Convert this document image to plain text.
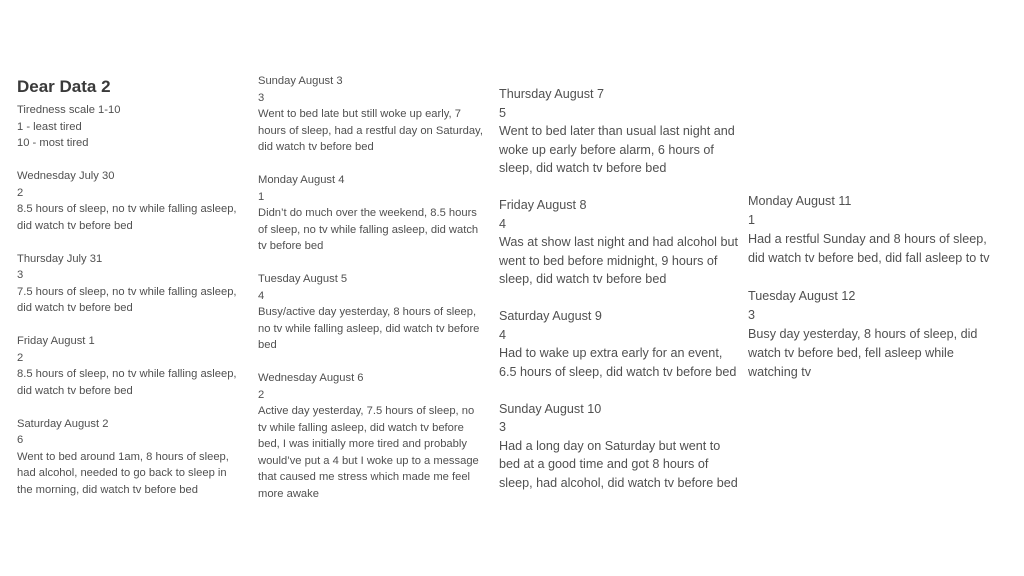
Dear Data 2
Tiredness scale 1-10
1 - least tired
10 - most tired
Wednesday July 30
2
8.5 hours of sleep, no tv while falling asleep, did watch tv before bed
Thursday July 31
3
7.5 hours of sleep, no tv while falling asleep, did watch tv before bed
Friday August 1
2
8.5 hours of sleep, no tv while falling asleep, did watch tv before bed
Saturday August 2
6
Went to bed around 1am, 8 hours of sleep, had alcohol, needed to go back to sleep in the morning, did watch tv before bed
Sunday August 3
3
Went to bed late but still woke up early, 7 hours of sleep, had a restful day on Saturday, did watch tv before bed
Monday August 4
1
Didn’t do much over the weekend, 8.5 hours of sleep, no tv while falling asleep, did watch tv before bed
Tuesday August 5
4
Busy/active day yesterday, 8 hours of sleep, no tv while falling asleep, did watch tv before bed
Wednesday August 6
2
Active day yesterday, 7.5 hours of sleep, no tv while falling asleep, did watch tv before bed, I was initially more tired and probably would’ve put a 4 but I woke up to a message that caused me stress which made me feel more awake
Thursday August 7
5
Went to bed later than usual last night and woke up early before alarm, 6 hours of sleep, did watch tv before bed
Friday August 8
4
Was at show last night and had alcohol but went to bed before midnight, 9 hours of sleep, did watch tv before bed
Saturday August 9
4
Had to wake up extra early for an event, 6.5 hours of sleep, did watch tv before bed
Sunday August 10
3
Had a long day on Saturday but went to bed at a good time and got 8 hours of sleep, had alcohol, did watch tv before bed
Monday August 11
1
Had a restful Sunday and 8 hours of sleep, did watch tv before bed, did fall asleep to tv
Tuesday August 12
3
Busy day yesterday, 8 hours of sleep, did watch tv before bed, fell asleep while watching tv
